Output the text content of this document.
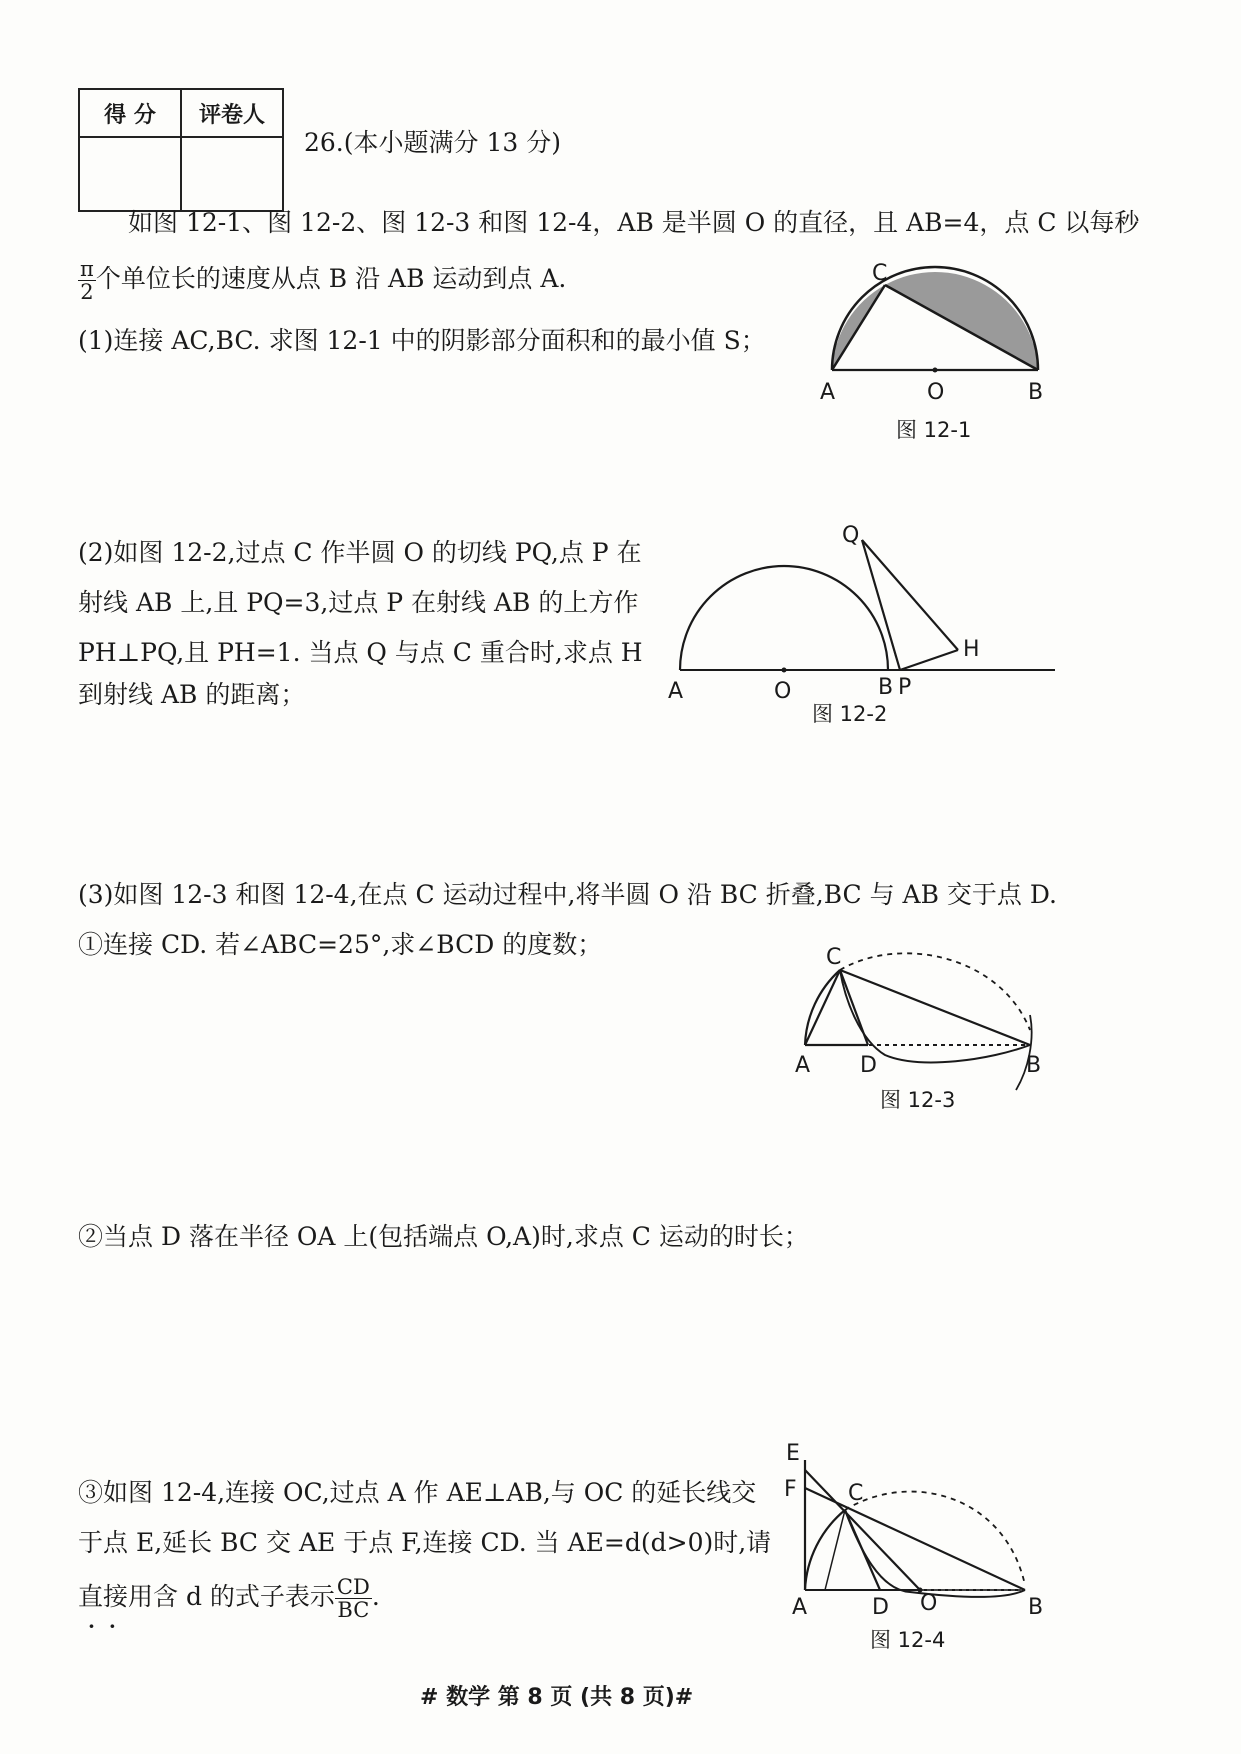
得 分	评卷人

26.(本小题满分 13 分)
如图 12-1、图 12-2、图 12-3 和图 12-4，AB 是半圆 O 的直径，且 AB=4，点 C 以每秒
$\frac{\pi}{2}$ 个单位长的速度从点 B 沿 AB 运动到点 A.
(1)连接 AC,BC. 求图 12-1 中的阴影部分面积和的最小值 S；
C
A	O	B
图 12-1
(2)如图 12-2,过点 C 作半圆 O 的切线 PQ,点 P 在
射线 AB 上,且 PQ=3,过点 P 在射线 AB 的上方作
PH⊥PQ,且 PH=1. 当点 Q 与点 C 重合时,求点 H
到射线 AB 的距离；
Q
H
A	O	B P
图 12-2
(3)如图 12-3 和图 12-4,在点 C 运动过程中,将半圆 O 沿 BC 折叠,BC 与 AB 交于点 D.
①连接 CD. 若∠ABC=25°,求∠BCD 的度数；	C
A D	B
图 12-3
②当点 D 落在半径 OA 上(包括端点 O,A)时,求点 C 运动的时长；
③如图 12-4,连接 OC,过点 A 作 AE⊥AB,与 OC 的延长线交
于点 E,延长 BC 交 AE 于点 F,连接 CD. 当 AE=d(d>0)时,请
直接用含 d 的式子表示 $\frac{CD}{BC}$ .
·  ·
E
F C
A	D O	B
图 12-4
# 数学 第 8 页 (共 8 页)#
